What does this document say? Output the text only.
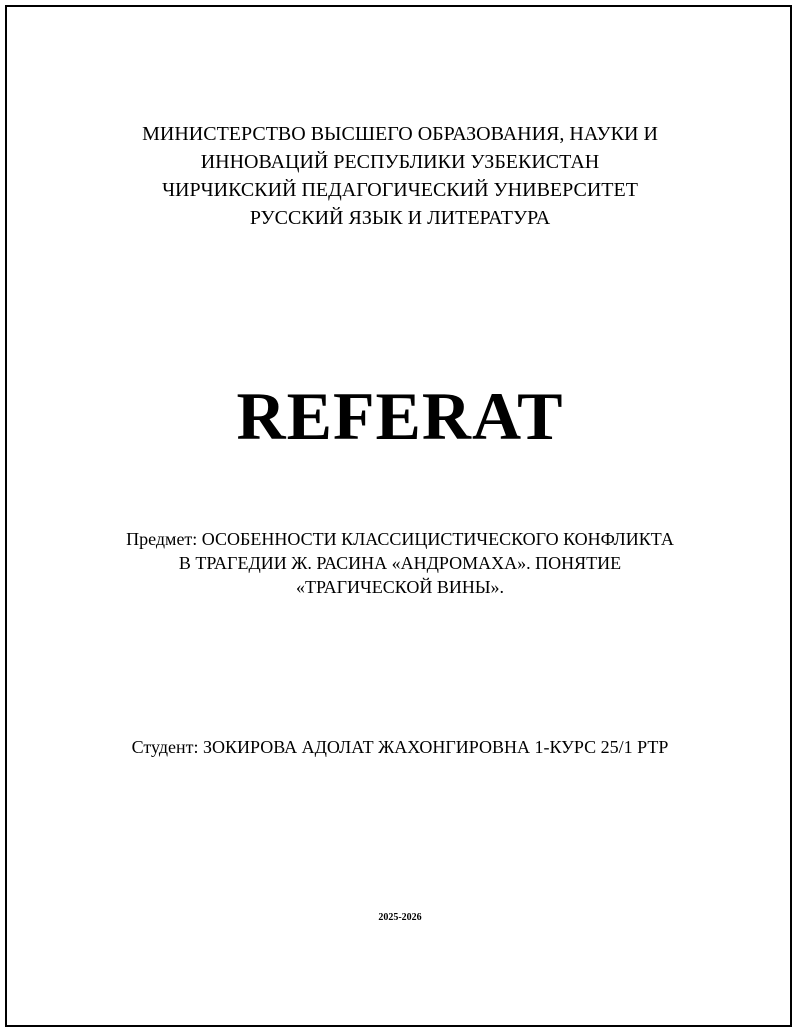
МИНИСТЕРСТВО ВЫСШЕГО ОБРАЗОВАНИЯ, НАУКИ И
ИННОВАЦИЙ РЕСПУБЛИКИ УЗБЕКИСТАН
ЧИРЧИКСКИЙ ПЕДАГОГИЧЕСКИЙ УНИВЕРСИТЕТ
РУССКИЙ ЯЗЫК И ЛИТЕРАТУРА
REFERAT
Предмет: ОСОБЕННОСТИ КЛАССИЦИСТИЧЕСКОГО КОНФЛИКТА
В ТРАГЕДИИ Ж. РАСИНА «АНДРОМАХА». ПОНЯТИЕ
«ТРАГИЧЕСКОЙ ВИНЫ».
Студент: ЗОКИРОВА АДОЛАТ ЖАХОНГИРОВНА 1-КУРС 25/1 РТР
2025-2026
